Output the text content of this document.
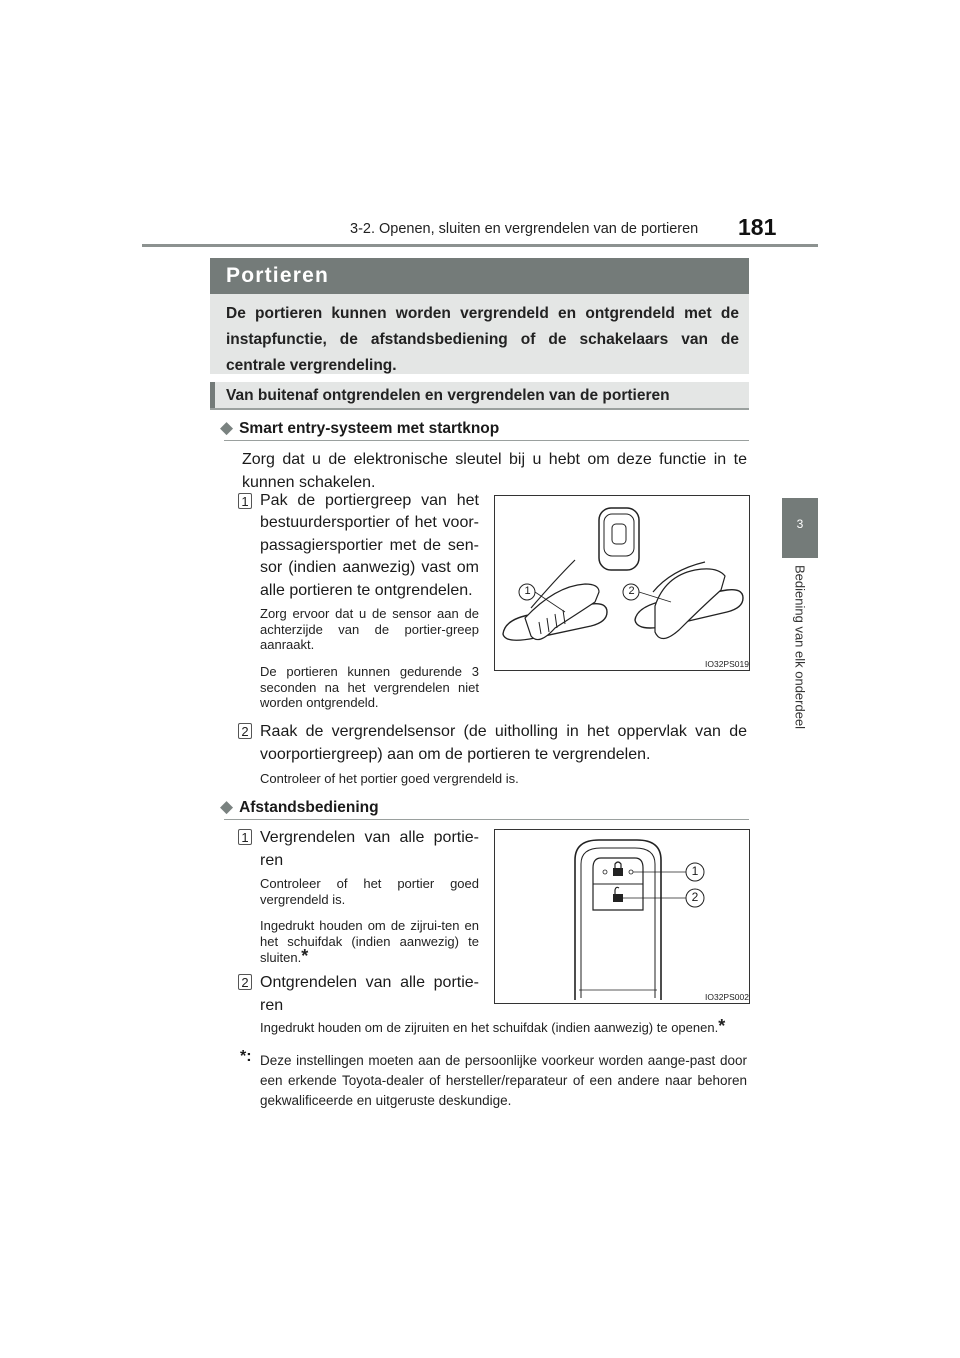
3-2. Openen, sluiten en vergrendelen van de portieren 181
3
Bediening van elk onderdeel
Portieren
De portieren kunnen worden vergrendeld en ontgrendeld met de instapfunctie, de afstandsbediening of de schakelaars van de centrale vergrendeling.
Van buitenaf ontgrendelen en vergrendelen van de portieren
◆ Smart entry-systeem met startknop
Zorg dat u de elektronische sleutel bij u hebt om deze functie in te kunnen schakelen.
1 Pak de portiergreep van het bestuurdersportier of het voor-passagiersportier met de sen-sor (indien aanwezig) vast om alle portieren te ontgrendelen.
Zorg ervoor dat u de sensor aan de achterzijde van de portier-greep aanraakt.
De portieren kunnen gedurende 3 seconden na het vergrendelen niet worden ontgrendeld.
1	2
IO32PS019
2 Raak de vergrendelsensor (de uitholling in het oppervlak van de voorportiergreep) aan om de portieren te vergrendelen.
Controleer of het portier goed vergrendeld is.
◆ Afstandsbediening
1 Vergrendelen van alle portie-ren
Controleer of het portier goed vergrendeld is.
Ingedrukt houden om de zijrui-ten en het schuifdak (indien aanwezig) te sluiten.*
1
2
IO32PS002
2 Ontgrendelen van alle portie-ren
Ingedrukt houden om de zijruiten en het schuifdak (indien aanwezig) te openen.*
*: Deze instellingen moeten aan de persoonlijke voorkeur worden aange-past door een erkende Toyota-dealer of hersteller/reparateur of een andere naar behoren gekwalificeerde en uitgeruste deskundige.
